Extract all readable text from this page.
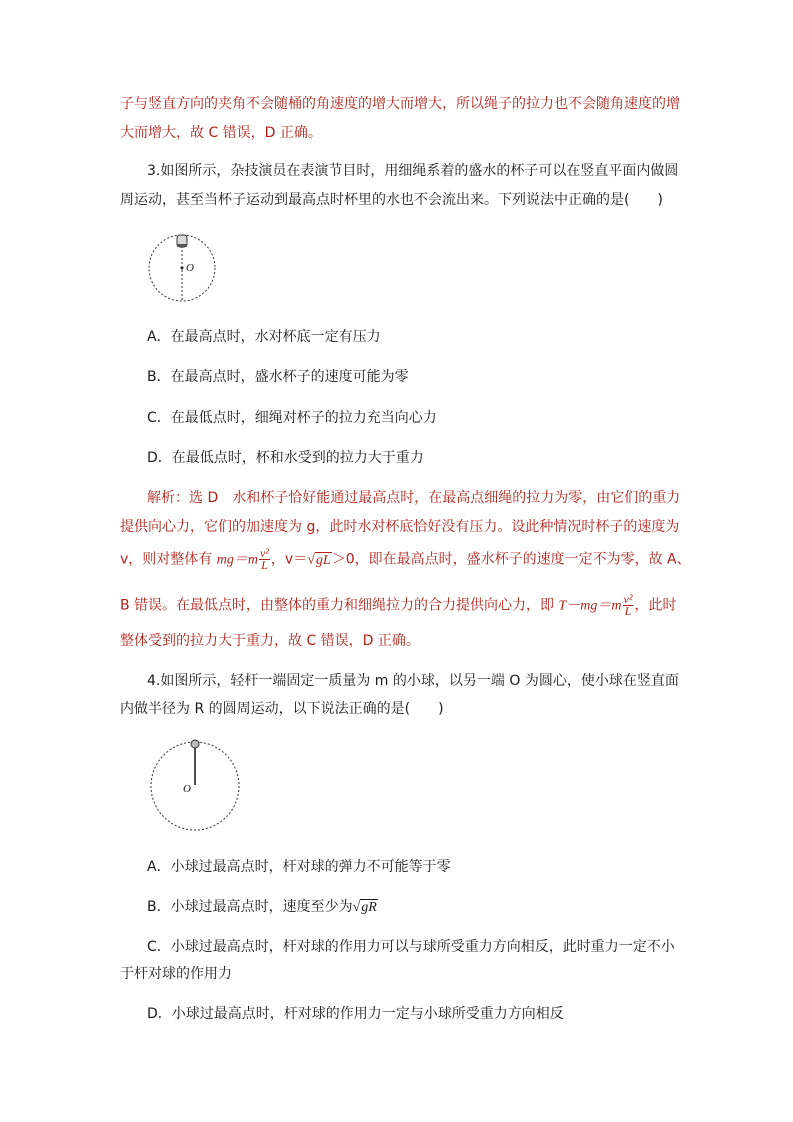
子与竖直方向的夹角不会随桶的角速度的增大而增大，所以绳子的拉力也不会随角速度的增
大而增大，故 C 错误，D 正确。
3.如图所示，杂技演员在表演节目时，用细绳系着的盛水的杯子可以在竖直平面内做圆
周运动，甚至当杯子运动到最高点时杯里的水也不会流出来。下列说法中正确的是(　　)
O
A．在最高点时，水对杯底一定有压力
B．在最高点时，盛水杯子的速度可能为零
C．在最低点时，细绳对杯子的拉力充当向心力
D．在最低点时，杯和水受到的拉力大于重力
解析：选 D　水和杯子恰好能通过最高点时，在最高点细绳的拉力为零，由它们的重力
提供向心力，它们的加速度为 g，此时水对杯底恰好没有压力。设此种情况时杯子的速度为
v，则对整体有 $mg=m \frac{\text{v²}}{L}$ ，v＝√gL＞0，即在最高点时，盛水杯子的速度一定不为零，故 A、
B 错误。在最低点时，由整体的重力和细绳拉力的合力提供向心力，即 $T-mg=m \frac{\text{v²}}{L}$ ，此时
整体受到的拉力大于重力，故 C 错误，D 正确。
4.如图所示，轻杆一端固定一质量为 m 的小球，以另一端 O 为圆心，使小球在竖直面
内做半径为 R 的圆周运动，以下说法正确的是(　　)
O
A．小球过最高点时，杆对球的弹力不可能等于零
B．小球过最高点时，速度至少为√gR
C．小球过最高点时，杆对球的作用力可以与球所受重力方向相反，此时重力一定不小
于杆对球的作用力
D．小球过最高点时，杆对球的作用力一定与小球所受重力方向相反
